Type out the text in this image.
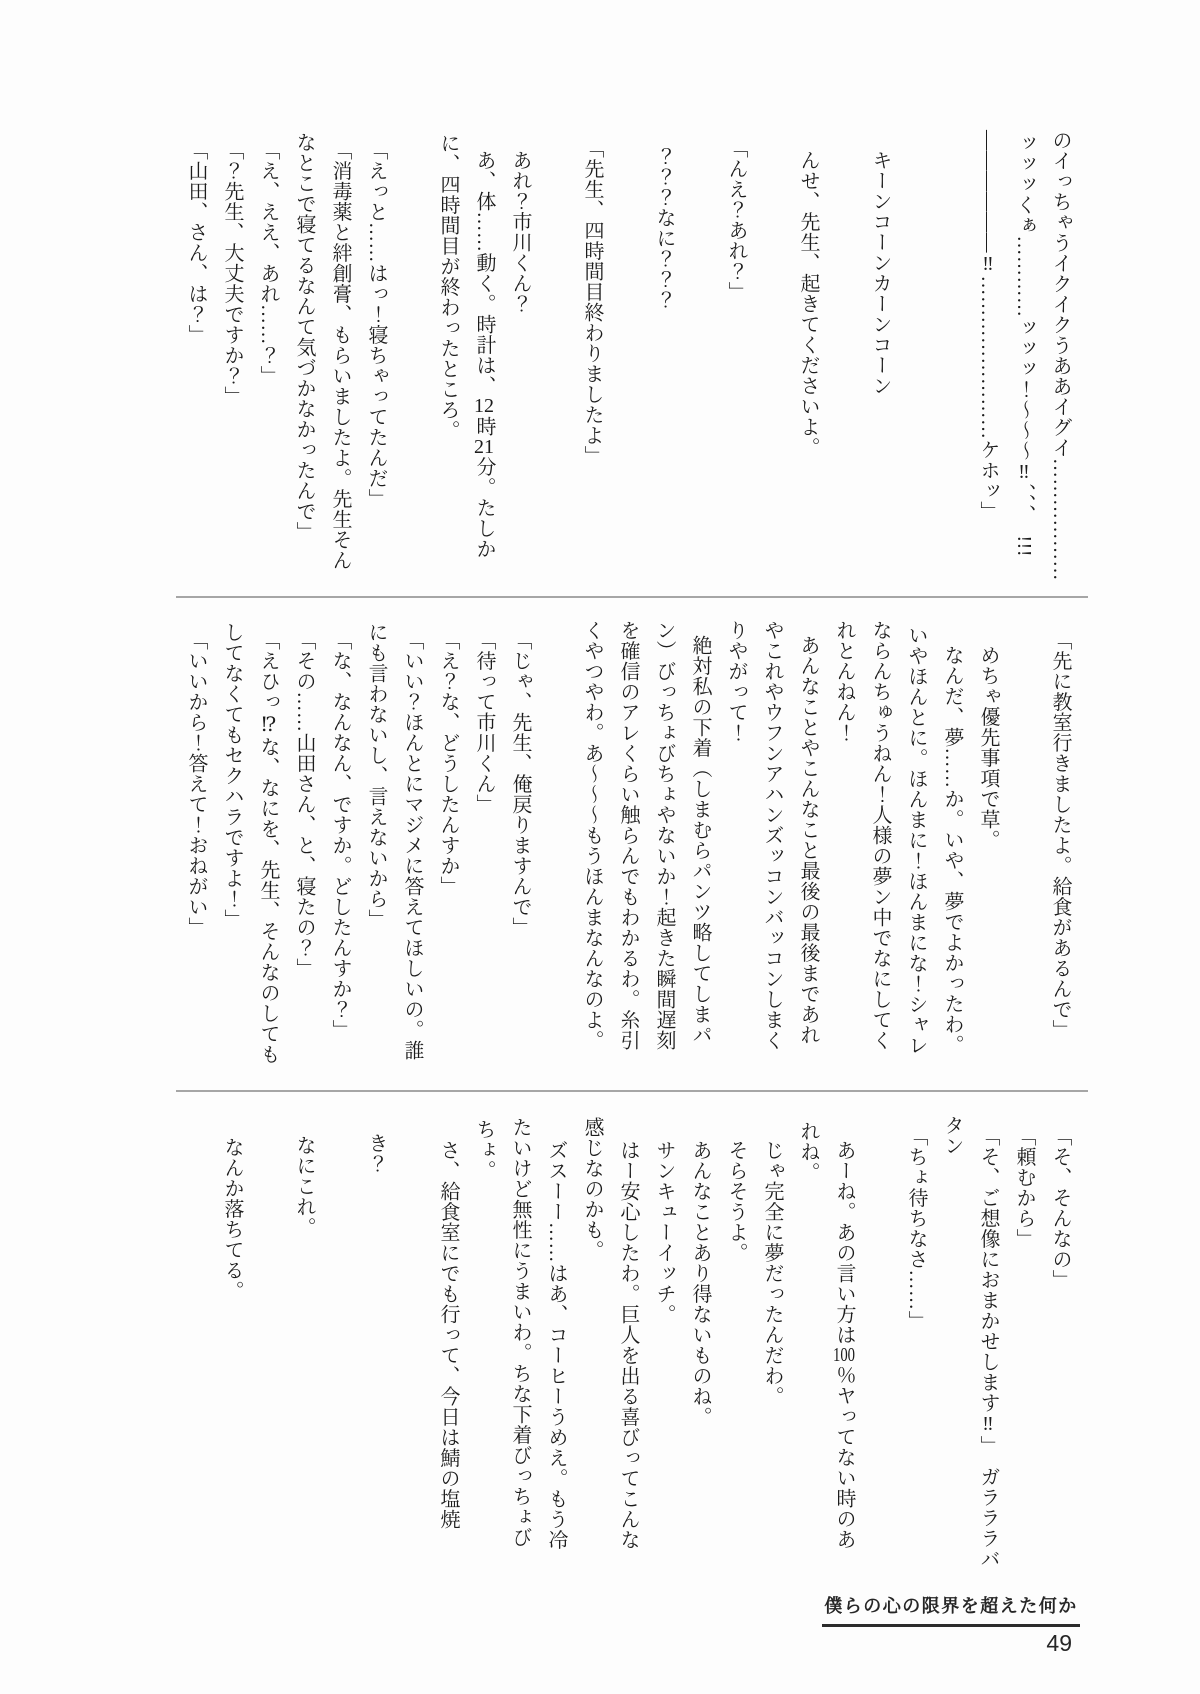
のイっちゃうイクイクうああイグイ………………
ッッッくぁ…………ッッッ！〜〜〜‼、、、　!!!
――――――‼……………………ケホッ」

キーンコーンカーンコーン

んせ、先生、起きてくださいよ。

「んえ？あれ？」

？？？なに？？？

「先生、四時間目終わりましたよ」

あれ？市川くん？
あ、体……動く。時計は、12時21分。たしか
に、四時間目が終わったところ。

「えっと……はっ！寝ちゃってたんだ」
「消毒薬と絆創膏、もらいましたよ。先生そん
なとこで寝てるなんて気づかなかったんで」
「え、ええ、あれ……？」
「？先生、大丈夫ですか？」
「山田、さん、は？」
「先に教室行きましたよ。給食があるんで」

めちゃ優先事項で草。
なんだ、夢……か。いや、夢でよかったわ。
いやほんとに。ほんまに！ほんまにな！シャレ
ならんちゅうねん！人様の夢ン中でなにしてく
れとんねん！
あんなことやこんなこと最後の最後まであれ
やこれやウフンアハンズッコンバッコンしまく
りやがって！
絶対私の下着（しまむらパンツ略してしまパ
ン）びっちょびちょやないか！起きた瞬間遅刻
を確信のアレくらい触らんでもわかるわ。糸引
くやつやわ。あ〜〜〜もうほんまなんなのよ。

「じゃ、先生、俺戻りますんで」
「待って市川くん」
「え？な、どうしたんすか」
「いい？ほんとにマジメに答えてほしいの。誰
にも言わないし、言えないから」
「な、なんなん、ですか。どしたんすか？」
「その……山田さん、と、寝たの？」
「えひっ⁉な、なにを、先生、そんなのしても
してなくてもセクハラですよ！」
「いいから！答えて！おねがい」
「そ、そんなの」
「頼むから」
「そ、ご想像におまかせします‼」　ガラララバ
タン
「ちょ待ちなさ……」

あーね。あの言い方は100％ヤってない時のあ
れね。
じゃ完全に夢だったんだわ。
そらそうよ。
あんなことあり得ないものね。
サンキューイッチ。
はー安心したわ。巨人を出る喜びってこんな
感じなのかも。
ズスーー……はあ、コーヒーうめえ。もう冷
たいけど無性にうまいわ。ちな下着びっちょび
ちょ。
さ、給食室にでも行って、今日は鯖の塩焼

き？

なにこれ。

なんか落ちてる。
僕らの心の限界を超えた何か
49
